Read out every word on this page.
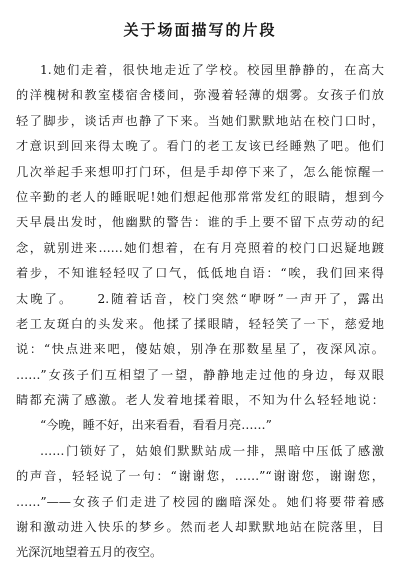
关于场面描写的片段
1.她们走着，很快地走近了学校。校园里静静的，在高大
的洋槐树和教室楼宿舍楼间，弥漫着轻薄的烟雾。女孩子们放
轻了脚步，谈话声也静了下来。当她们默默地站在校门口时，
才意识到回来得太晚了。看门的老工友该已经睡熟了吧。他们
几次举起手来想叩打门环，但是手却停下来了，怎么能惊醒一
位辛勤的老人的睡眠呢!她们想起他那常常发红的眼睛，想到今
天早晨出发时，他幽默的警告：谁的手上要不留下点劳动的纪
念，就别进来……她们想着，在有月亮照着的校门口迟疑地踱
着步，不知谁轻轻叹了口气，低低地自语：“唉，我们回来得
太晚了。    2.随着话音，校门突然“咿呀”一声开了，露出
老工友斑白的头发来。他揉了揉眼睛，轻轻笑了一下，慈爱地
说：“快点进来吧，傻姑娘，别净在那数星星了，夜深风凉。
……”女孩子们互相望了一望，静静地走过他的身边，每双眼
睛都充满了感激。老人发着地揉着眼，不知为什么轻轻地说：
“今晚，睡不好，出来看看，看看月亮……”
……门锁好了，姑娘们默默站成一排，黑暗中压低了感激
的声音，轻轻说了一句：“谢谢您，……”“谢谢您，谢谢您，
……”——女孩子们走进了校园的幽暗深处。她们将要带着感
谢和激动进入快乐的梦乡。然而老人却默默地站在院落里，目
光深沉地望着五月的夜空。
